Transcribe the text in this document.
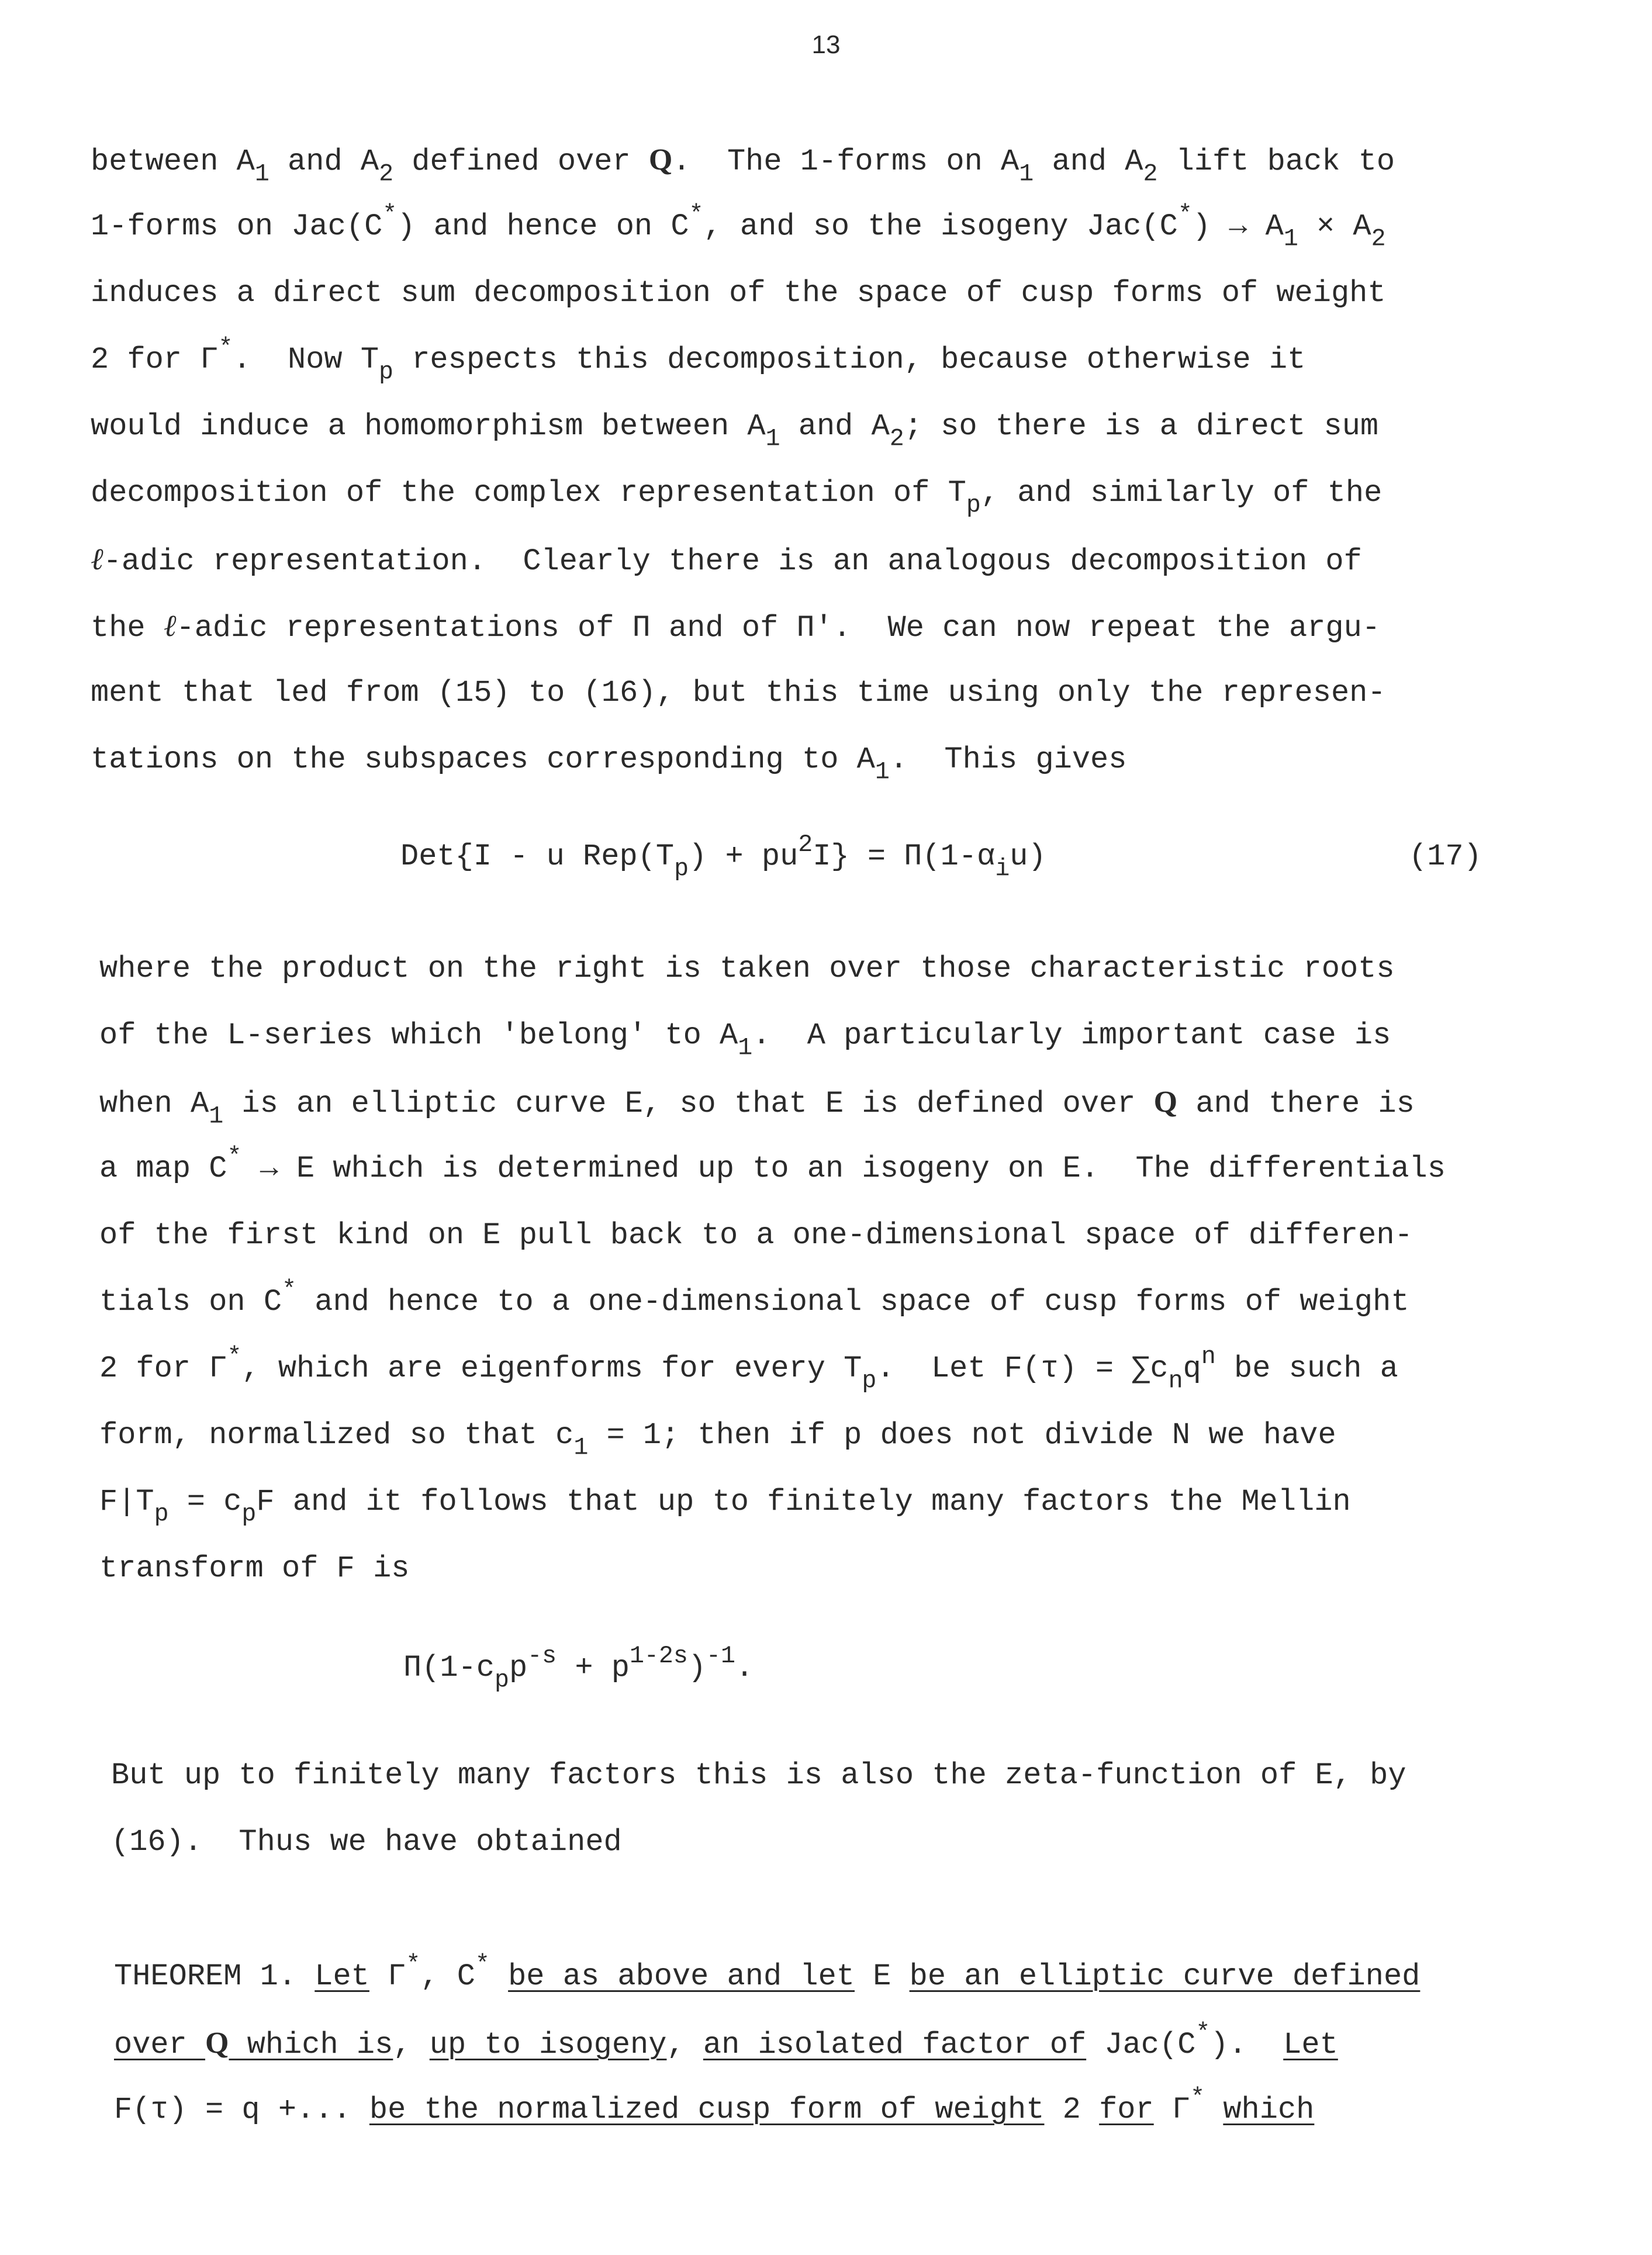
13
between $A_1$ and $A_2$ defined over Q.  The 1-forms on $A_1$ and $A_2$ lift back to
1-forms on Jac(C*) and hence on C*, and so the isogeny $Jac(C^*) \to A_1 \times A_2$
induces a direct sum decomposition of the space of cusp forms of weight
2 for Γ*.  Now $T_p$ respects this decomposition, because otherwise it
would induce a homomorphism between $A_1$ and $A_2$; so there is a direct sum
decomposition of the complex representation of $T_p$, and similarly of the
ℓ-adic representation.  Clearly there is an analogous decomposition of
the ℓ-adic representations of Π and of Π'.  We can now repeat the argu-
ment that led from (15) to (16), but this time using only the represen-
tations on the subspaces corresponding to $A_1$.  This gives
Det{I - u $Rep(T_p) + pu^2I\} = \Pi(1-\alpha_iu)$	(17)
where the product on the right is taken over those characteristic roots
of the L-series which 'belong' to $A_1$.  A particularly important case is
when $A_1$ is an elliptic curve E, so that E is defined over Q and there is
a map C* → E which is determined up to an isogeny on E.  The differentials
of the first kind on E pull back to a one-dimensional space of differen-
tials on C* and hence to a one-dimensional space of cusp forms of weight
2 for Γ*, which are eigenforms for every $T_p$.  Let $F(\tau) = \sum c_nq^n$ be such a
form, normalized so that $c_1 = 1$; then if p does not divide N we have
$F|T_p = c_pF$ and it follows that up to finitely many factors the Mellin
transform of F is
$\Pi(1-c_pp^{-s} + p^{1-2s})^{-1}$.
But up to finitely many factors this is also the zeta-function of E, by
(16).  Thus we have obtained
THEOREM 1. Let Γ*, C* be as above and let E be an elliptic curve defined
over Q which is, up to isogeny, an isolated factor of Jac(C*).  Let
F(τ) = q +... be the normalized cusp form of weight 2 for Γ* which
